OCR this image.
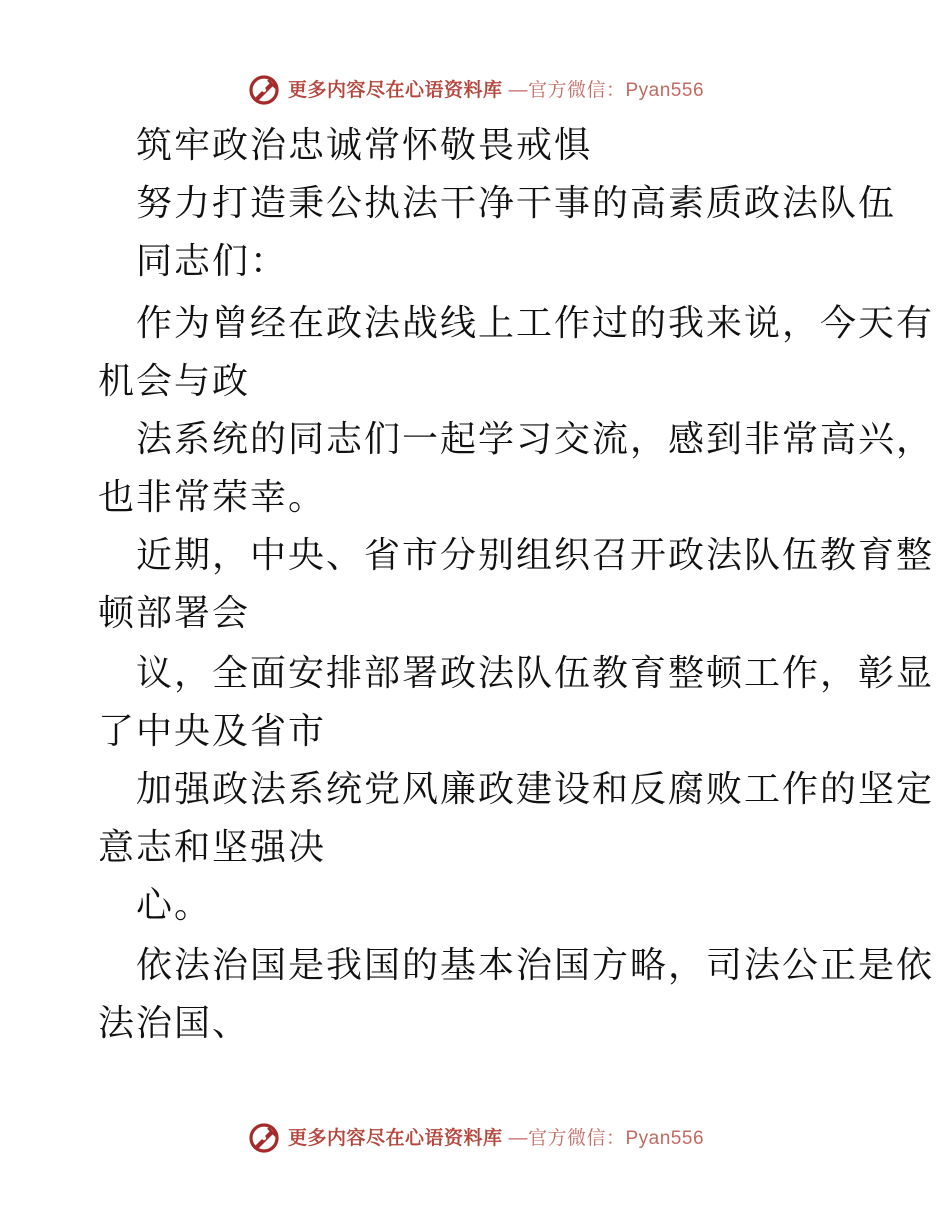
更多内容尽在心语资料库 —官方微信：Pyan556
筑牢政治忠诚常怀敬畏戒惧
努力打造秉公执法干净干事的高素质政法队伍
同志们：
作为曾经在政法战线上工作过的我来说，今天有
机会与政
法系统的同志们一起学习交流，感到非常高兴，
也非常荣幸。
近期，中央、省市分别组织召开政法队伍教育整
顿部署会
议，全面安排部署政法队伍教育整顿工作，彰显
了中央及省市
加强政法系统党风廉政建设和反腐败工作的坚定
意志和坚强决
心。
依法治国是我国的基本治国方略，司法公正是依
法治国、
更多内容尽在心语资料库 —官方微信：Pyan556
